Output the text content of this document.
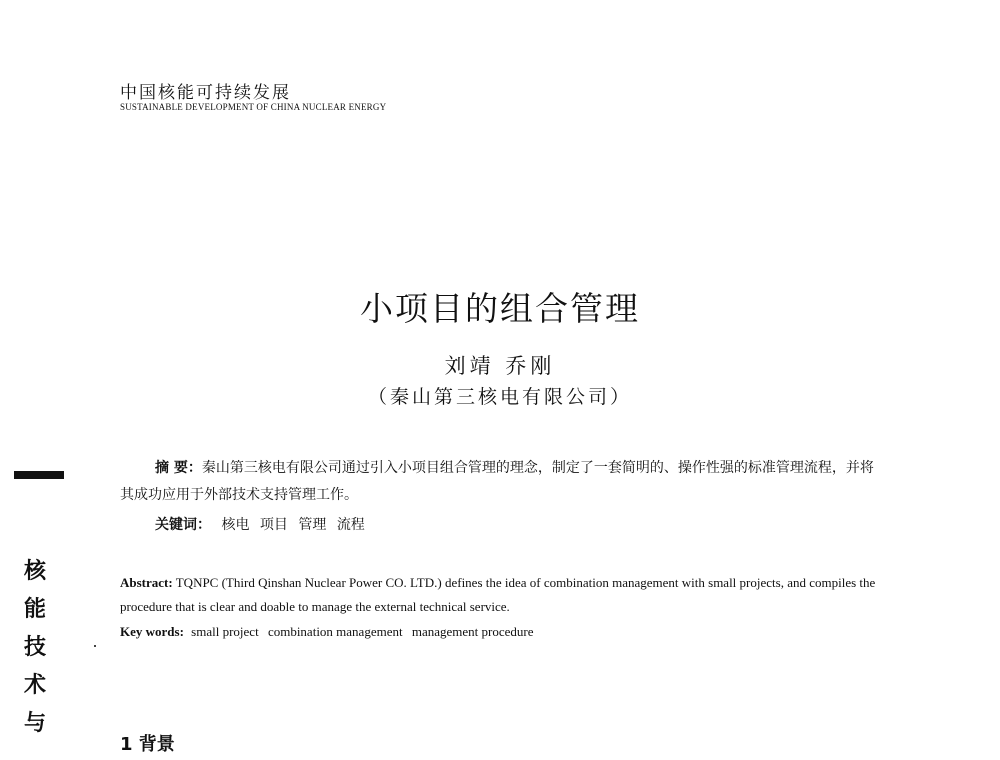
中国核能可持续发展
SUSTAINABLE DEVELOPMENT OF CHINA NUCLEAR ENERGY
小项目的组合管理
刘靖 乔刚
（秦山第三核电有限公司）
摘 要：秦山第三核电有限公司通过引入小项目组合管理的理念，制定了一套简明的、操作性强的标准管理流程，并将其成功应用于外部技术支持管理工作。
关键词： 核电 项目 管理 流程
Abstract: TQNPC (Third Qinshan Nuclear Power CO. LTD.) defines the idea of combination management with small projects, and compiles the procedure that is clear and doable to manage the external technical service.
Key words: small project combination management management procedure
1 背景
核
能
技
术
与
